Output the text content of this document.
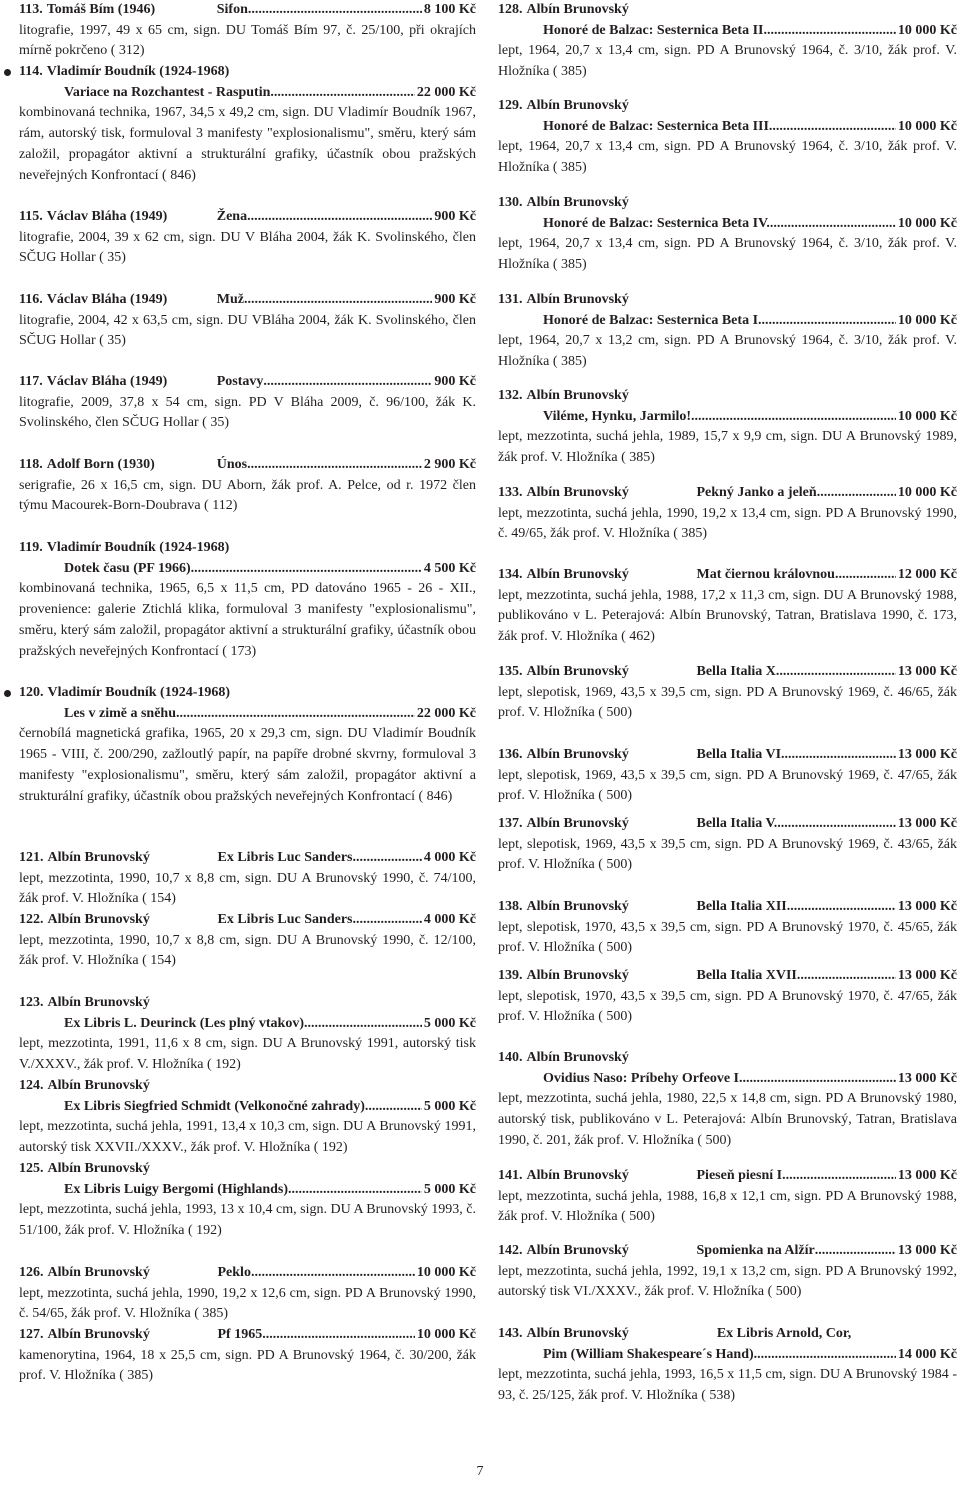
113. Tomáš Bím (1946)	Sifon .....	8 100 Kč
litografie, 1997, 49 x 65 cm, sign. DU Tomáš Bím 97, č. 25/100, při okrajích mírně pokrčeno ( 312)
114. Vladimír Boudník (1924-1968)
Variace na Rozchantest - Rasputin .....	22 000 Kč
kombinovaná technika, 1967, 34,5 x 49,2 cm, sign. DU Vladimír Boudník 1967, rám, autorský tisk, formuloval 3 manifesty "explosionalismu", směru, který sám založil, propagátor aktivní a strukturální grafiky, účastník obou pražských neveřejných Konfrontací ( 846)
115. Václav Bláha (1949)	Žena .....	900 Kč
litografie, 2004, 39 x 62 cm, sign. DU V Bláha 2004, žák K. Svolinského, člen SČUG Hollar ( 35)
116. Václav Bláha (1949)	Muž .....	900 Kč
litografie, 2004, 42 x 63,5 cm, sign. DU VBláha 2004, žák K. Svolinského, člen SČUG Hollar ( 35)
117. Václav Bláha (1949)	Postavy .....	900 Kč
litografie, 2009, 37,8 x 54 cm, sign. PD V Bláha 2009, č. 96/100, žák K. Svolinského, člen SČUG Hollar ( 35)
118. Adolf Born (1930)	Únos .....	2 900 Kč
serigrafie, 26 x 16,5 cm, sign. DU Aborn, žák prof. A. Pelce, od r. 1972 člen týmu Macourek-Born-Doubrava ( 112)
119. Vladimír Boudník (1924-1968)
Dotek času (PF 1966) .....	4 500 Kč
kombinovaná technika, 1965, 6,5 x 11,5 cm, PD datováno 1965 - 26 - XII., provenience: galerie Ztichlá klika, formuloval 3 manifesty "explosionalismu", směru, který sám založil, propagátor aktivní a strukturální grafiky, účastník obou pražských neveřejných Konfrontací ( 173)
120. Vladimír Boudník (1924-1968)
Les v zimě a sněhu .....	22 000 Kč
černobílá magnetická grafika, 1965, 20 x 29,3 cm, sign. DU Vladimír Boudník 1965 - VIII, č. 200/290, zažloutlý papír, na papíře drobné skvrny, formuloval 3 manifesty "explosionalismu", směru, který sám založil, propagátor aktivní a strukturální grafiky, účastník obou pražských neveřejných Konfrontací ( 846)
121. Albín Brunovský	Ex Libris Luc Sanders .....	4 000 Kč
lept, mezzotinta, 1990, 10,7 x 8,8 cm, sign. DU A Brunovský 1990, č. 74/100, žák prof. V. Hložníka ( 154)
122. Albín Brunovský	Ex Libris Luc Sanders .....	4 000 Kč
lept, mezzotinta, 1990, 10,7 x 8,8 cm, sign. DU A Brunovský 1990, č. 12/100, žák prof. V. Hložníka ( 154)
123. Albín Brunovský
Ex Libris L. Deurinck (Les plný vtakov) .....	5 000 Kč
lept, mezzotinta, 1991, 11,6 x 8 cm, sign. DU A Brunovský 1991, autorský tisk V./XXXV., žák prof. V. Hložníka ( 192)
124. Albín Brunovský
Ex Libris Siegfried Schmidt (Velkonočné zahrady) .....	5 000 Kč
lept, mezzotinta, suchá jehla, 1991, 13,4 x 10,3 cm, sign. DU A Brunovský 1991, autorský tisk XXVII./XXXV., žák prof. V. Hložníka ( 192)
125. Albín Brunovský
Ex Libris Luigy Bergomi (Highlands) .....	5 000 Kč
lept, mezzotinta, suchá jehla, 1993, 13 x 10,4 cm, sign. DU A Brunovský 1993, č. 51/100, žák prof. V. Hložníka ( 192)
126. Albín Brunovský	Peklo .....	10 000 Kč
lept, mezzotinta, suchá jehla, 1990, 19,2 x 12,6 cm, sign. PD A Brunovský 1990, č. 54/65, žák prof. V. Hložníka ( 385)
127. Albín Brunovský	Pf 1965 .....	10 000 Kč
kamenorytina, 1964, 18 x 25,5 cm, sign. PD A Brunovský 1964, č. 30/200, žák prof. V. Hložníka ( 385)
128. Albín Brunovský
Honoré de Balzac: Sesternica Beta II. .....	10 000 Kč
lept, 1964, 20,7 x 13,4 cm, sign. PD A Brunovský 1964, č. 3/10, žák prof. V. Hložníka ( 385)
129. Albín Brunovský
Honoré de Balzac: Sesternica Beta III. .....	10 000 Kč
lept, 1964, 20,7 x 13,4 cm, sign. PD A Brunovský 1964, č. 3/10, žák prof. V. Hložníka ( 385)
130. Albín Brunovský
Honoré de Balzac: Sesternica Beta IV. .....	10 000 Kč
lept, 1964, 20,7 x 13,4 cm, sign. PD A Brunovský 1964, č. 3/10, žák prof. V. Hložníka ( 385)
131. Albín Brunovský
Honoré de Balzac: Sesternica Beta I. .....	10 000 Kč
lept, 1964, 20,7 x 13,2 cm, sign. PD A Brunovský 1964, č. 3/10, žák prof. V. Hložníka ( 385)
132. Albín Brunovský
Viléme, Hynku, Jarmilo! .....	10 000 Kč
lept, mezzotinta, suchá jehla, 1989, 15,7 x 9,9 cm, sign. DU A Brunovský 1989, žák prof. V. Hložníka ( 385)
133. Albín Brunovský	Pekný Janko a jeleň .....	10 000 Kč
lept, mezzotinta, suchá jehla, 1990, 19,2 x 13,4 cm, sign. PD A Brunovský 1990, č. 49/65, žák prof. V. Hložníka ( 385)
134. Albín Brunovský	Mat čiernou královnou .....	12 000 Kč
lept, mezzotinta, suchá jehla, 1988, 17,2 x 11,3 cm, sign. DU A Brunovský 1988, publikováno v L. Peterajová: Albín Brunovský, Tatran, Bratislava 1990, č. 173, žák prof. V. Hložníka ( 462)
135. Albín Brunovský	Bella Italia X. .....	13 000 Kč
lept, slepotisk, 1969, 43,5 x 39,5 cm, sign. PD A Brunovský 1969, č. 46/65, žák prof. V. Hložníka ( 500)
136. Albín Brunovský	Bella Italia VI. .....	13 000 Kč
lept, slepotisk, 1969, 43,5 x 39,5 cm, sign. PD A Brunovský 1969, č. 47/65, žák prof. V. Hložníka ( 500)
137. Albín Brunovský	Bella Italia V. .....	13 000 Kč
lept, slepotisk, 1969, 43,5 x 39,5 cm, sign. PD A Brunovský 1969, č. 43/65, žák prof. V. Hložníka ( 500)
138. Albín Brunovský	Bella Italia XII. .....	13 000 Kč
lept, slepotisk, 1970, 43,5 x 39,5 cm, sign. PD A Brunovský 1970, č. 45/65, žák prof. V. Hložníka ( 500)
139. Albín Brunovský	Bella Italia XVII. .....	13 000 Kč
lept, slepotisk, 1970, 43,5 x 39,5 cm, sign. PD A Brunovský 1970, č. 47/65, žák prof. V. Hložníka ( 500)
140. Albín Brunovský
Ovidius Naso: Príbehy Orfeove I. .....	13 000 Kč
lept, mezzotinta, suchá jehla, 1980, 22,5 x 14,8 cm, sign. PD A Brunovský 1980, autorský tisk, publikováno v L. Peterajová: Albín Brunovský, Tatran, Bratislava 1990, č. 201, žák prof. V. Hložníka ( 500)
141. Albín Brunovský	Pieseň piesní I. .....	13 000 Kč
lept, mezzotinta, suchá jehla, 1988, 16,8 x 12,1 cm, sign. PD A Brunovský 1988, žák prof. V. Hložníka ( 500)
142. Albín Brunovský	Spomienka na Alžír .....	13 000 Kč
lept, mezzotinta, suchá jehla, 1992, 19,1 x 13,2 cm, sign. PD A Brunovský 1992, autorský tisk VI./XXXV., žák prof. V. Hložníka ( 500)
143. Albín Brunovský	Ex Libris Arnold, Cor,
Pim (William Shakespeare´s Hand) .....	14 000 Kč
lept, mezzotinta, suchá jehla, 1993, 16,5 x 11,5 cm, sign. DU A Brunovský 1984 - 93, č. 25/125, žák prof. V. Hložníka ( 538)
7
